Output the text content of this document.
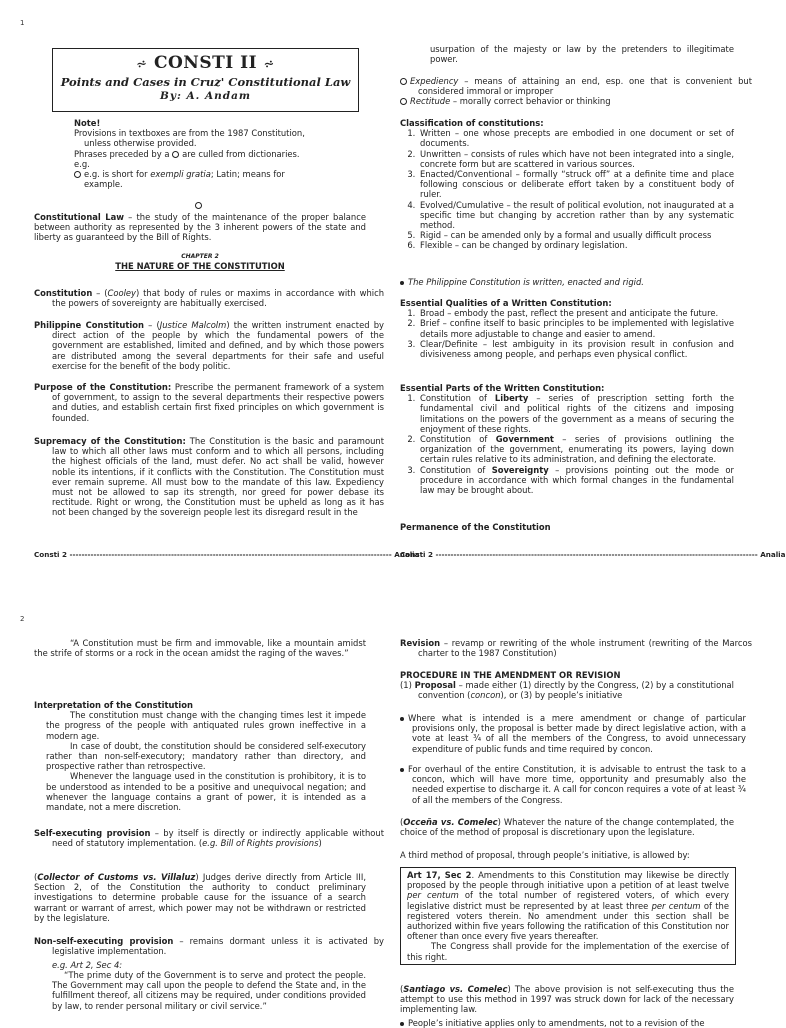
1
⩫ CONSTI II ⩫
Points and Cases in Cruz' Constitutional Law
By: A. Andam
Note!
Provisions in textboxes are from the 1987 Constitution,
unless otherwise provided.
Phrases preceded by a are culled from dictionaries.
e.g.
e.g. is short for exempli gratia; Latin; means for
example.
Constitutional Law – the study of the maintenance of the proper balance between authority as represented by the 3 inherent powers of the state and liberty as guaranteed by the Bill of Rights.
CHAPTER 2
THE NATURE OF THE CONSTITUTION
Constitution – (Cooley) that body of rules or maxims in accordance with which the powers of sovereignty are habitually exercised.
Philippine Constitution – (Justice Malcolm) the written instrument enacted by direct action of the people by which the fundamental powers of the government are established, limited and defined, and by which those powers are distributed among the several departments for their safe and useful exercise for the benefit of the body politic.
Purpose of the Constitution: Prescribe the permanent framework of a system of government, to assign to the several departments their respective powers and duties, and establish certain first fixed principles on which government is founded.
Supremacy of the Constitution: The Constitution is the basic and paramount law to which all other laws must conform and to which all persons, including the highest officials of the land, must defer. No act shall be valid, however noble its intentions, if it conflicts with the Constitution. The Constitution must ever remain supreme. All must bow to the mandate of this law. Expediency must not be allowed to sap its strength, nor greed for power debase its rectitude. Right or wrong, the Constitution must be upheld as long as it has not been changed by the sovereign people lest its disregard result in the
Consti 2 ------------------------------------------------------------------------------------------------------------ Analia
usurpation of the majesty or law by the pretenders to illegitimate power.
Expediency – means of attaining an end, esp. one that is convenient but considered immoral or improper
Rectitude – morally correct behavior or thinking
Classification of constitutions:
1. Written – one whose precepts are embodied in one document or set of documents.
2. Unwritten – consists of rules which have not been integrated into a single, concrete form but are scattered in various sources.
3. Enacted/Conventional – formally “struck off” at a definite time and place following conscious or deliberate effort taken by a constituent body of ruler.
4. Evolved/Cumulative – the result of political evolution, not inaugurated at a specific time but changing by accretion rather than by any systematic method.
5. Rigid – can be amended only by a formal and usually difficult process
6. Flexible – can be changed by ordinary legislation.
The Philippine Constitution is written, enacted and rigid.
Essential Qualities of a Written Constitution:
1. Broad – embody the past, reflect the present and anticipate the future.
2. Brief – confine itself to basic principles to be implemented with legislative details more adjustable to change and easier to amend.
3. Clear/Definite – lest ambiguity in its provision result in confusion and divisiveness among people, and perhaps even physical conflict.
Essential Parts of the Written Constitution:
1. Constitution of Liberty – series of prescription setting forth the fundamental civil and political rights of the citizens and imposing limitations on the powers of the government as a means of securing the enjoyment of these rights.
2. Constitution of Government – series of provisions outlining the organization of the government, enumerating its powers, laying down certain rules relative to its administration, and defining the electorate.
3. Constitution of Sovereignty – provisions pointing out the mode or procedure in accordance with which formal changes in the fundamental law may be brought about.
Permanence of the Constitution
Consti 2 ------------------------------------------------------------------------------------------------------------ Analia
2
“A Constitution must be firm and immovable, like a mountain amidst the strife of storms or a rock in the ocean amidst the raging of the waves.”
Interpretation of the Constitution
The constitution must change with the changing times lest it impede the progress of the people with antiquated rules grown ineffective in a modern age.
In case of doubt, the constitution should be considered self-executory rather than non-self-executory; mandatory rather than directory, and prospective rather than retrospective.
Whenever the language used in the constitution is prohibitory, it is to be understood as intended to be a positive and unequivocal negation; and whenever the language contains a grant of power, it is intended as a mandate, not a mere discretion.
Self-executing provision – by itself is directly or indirectly applicable without need of statutory implementation. (e.g. Bill of Rights provisions)
(Collector of Customs vs. Villaluz) Judges derive directly from Article III, Section 2, of the Constitution the authority to conduct preliminary investigations to determine probable cause for the issuance of a search warrant or warrant of arrest, which power may not be withdrawn or restricted by the legislature.
Non-self-executing provision – remains dormant unless it is activated by legislative implementation.
e.g. Art 2, Sec 4:
“The prime duty of the Government is to serve and protect the people. The Government may call upon the people to defend the State and, in the fulfillment thereof, all citizens may be required, under conditions provided by law, to render personal military or civil service.”
Revision – revamp or rewriting of the whole instrument (rewriting of the Marcos charter to the 1987 Constitution)
PROCEDURE IN THE AMENDMENT OR REVISION
(1) Proposal – made either (1) directly by the Congress, (2) by a constitutional convention (concon), or (3) by people’s initiative
Where what is intended is a mere amendment or change of particular provisions only, the proposal is better made by direct legislative action, with a vote at least ¾ of all the members of the Congress, to avoid unnecessary expenditure of public funds and time required by concon.
For overhaul of the entire Constitution, it is advisable to entrust the task to a concon, which will have more time, opportunity and presumably also the needed expertise to discharge it. A call for concon requires a vote of at least ¾ of all the members of the Congress.
(Occeña vs. Comelec) Whatever the nature of the change contemplated, the choice of the method of proposal is discretionary upon the legislature.
A third method of proposal, through people’s initiative, is allowed by:
Art 17, Sec 2. Amendments to this Constitution may likewise be directly proposed by the people through initiative upon a petition of at least twelve per centum of the total number of registered voters, of which every legislative district must be represented by at least three per centum of the registered voters therein. No amendment under this section shall be authorized within five years following the ratification of this Constitution nor oftener than once every five years thereafter.
The Congress shall provide for the implementation of the exercise of this right.
(Santiago vs. Comelec) The above provision is not self-executing thus the attempt to use this method in 1997 was struck down for lack of the necessary implementing law.
People’s initiative applies only to amendments, not to a revision of the
